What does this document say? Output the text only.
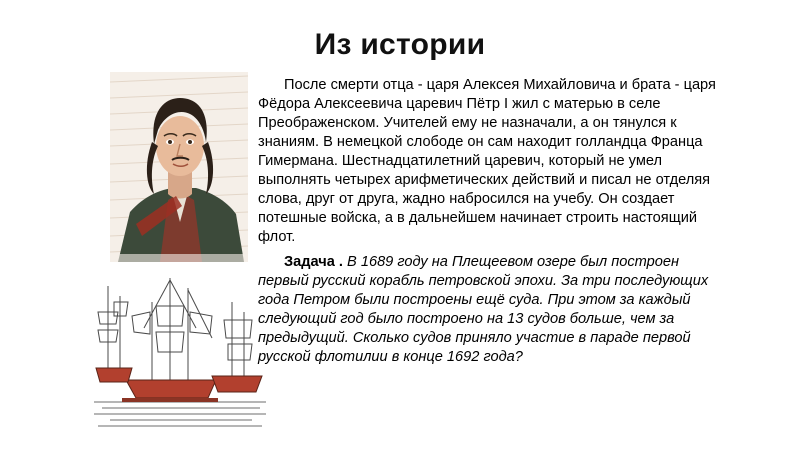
Из истории

После смерти отца - царя Алексея Михайловича и брата - царя Фёдора Алексеевича царевич Пётр I жил с матерью в селе Преображенском. Учителей ему не назначали, а он тянулся к знаниям. В немецкой слободе он сам находит голландца Франца Гимермана. Шестнадцатилетний царевич, который не умел выполнять четырех арифметических действий и писал не отделяя слова, друг от друга, жадно набросился на учебу. Он создает потешные войска, а в дальнейшем начинает строить настоящий флот.

Задача . В 1689 году на Плещеевом озере был построен первый русский корабль петровской эпохи. За три последующих года Петром были построены ещё суда. При этом за каждый следующий год было построено на 13 судов больше, чем за предыдущий. Сколько судов приняло участие в параде первой русской флотилии в конце 1692 года?
